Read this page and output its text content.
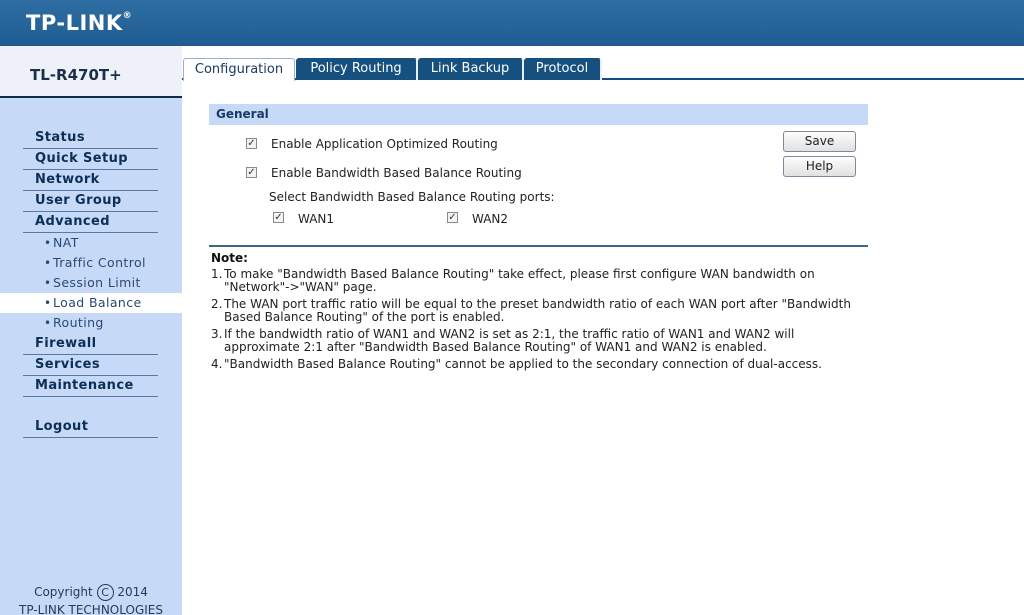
TP-LINK®
TL-R470T+
Status
Quick Setup
Network
User Group
Advanced
• NAT
• Traffic Control
• Session Limit
• Load Balance
• Routing
Firewall
Services
Maintenance
Logout
Copyright C 2014
TP-LINK TECHNOLOGIES
Configuration	Policy Routing	Link Backup	Protocol
General
✓ Enable Application Optimized Routing
✓ Enable Bandwidth Based Balance Routing
Select Bandwidth Based Balance Routing ports:
✓ WAN1	✓ WAN2
Save
Help
Note:
1. To make "Bandwidth Based Balance Routing" take effect, please first configure WAN bandwidth on "Network"->"WAN" page.
2. The WAN port traffic ratio will be equal to the preset bandwidth ratio of each WAN port after "Bandwidth Based Balance Routing" of the port is enabled.
3. If the bandwidth ratio of WAN1 and WAN2 is set as 2:1, the traffic ratio of WAN1 and WAN2 will approximate 2:1 after "Bandwidth Based Balance Routing" of WAN1 and WAN2 is enabled.
4. "Bandwidth Based Balance Routing" cannot be applied to the secondary connection of dual-access.
